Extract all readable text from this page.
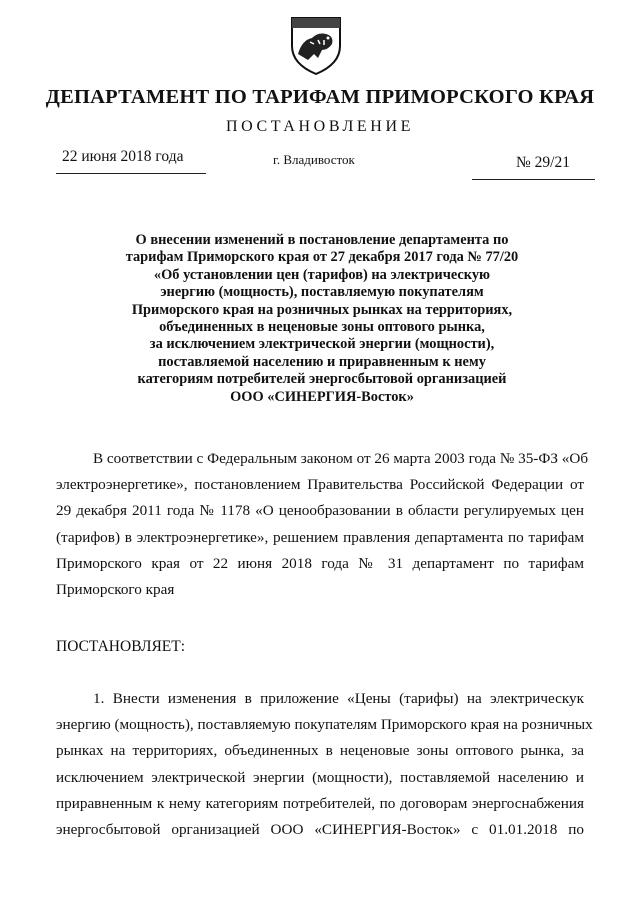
ДЕПАРТАМЕНТ ПО ТАРИФАМ ПРИМОРСКОГО КРАЯ
ПОСТАНОВЛЕНИЕ
22 июня 2018 года	г. Владивосток	№ 29/21
О внесении изменений в постановление департамента по
тарифам Приморского края от 27 декабря 2017 года № 77/20
«Об установлении цен (тарифов) на электрическую
энергию (мощность), поставляемую покупателям
Приморского края на розничных рынках на территориях,
объединенных в неценовые зоны оптового рынка,
за исключением электрической энергии (мощности),
поставляемой населению и приравненным к нему
категориям потребителей энергосбытовой организацией
ООО «СИНЕРГИЯ-Восток»
В соответствии с Федеральным законом от 26 марта 2003 года № 35-ФЗ «Об
электроэнергетике», постановлением Правительства Российской Федерации от
29 декабря 2011 года № 1178 «О ценообразовании в области регулируемых цен
(тарифов) в электроэнергетике», решением правления департамента по тарифам
Приморского края от 22 июня 2018 года № 31 департамент по тарифам
Приморского края
ПОСТАНОВЛЯЕТ:
1. Внести изменения в приложение «Цены (тарифы) на электрическук
энергию (мощность), поставляемую покупателям Приморского края на розничных
рынках на территориях, объединенных в неценовые зоны оптового рынка, за
исключением электрической энергии (мощности), поставляемой населению и
приравненным к нему категориям потребителей, по договорам энергоснабжения
энергосбытовой организацией ООО «СИНЕРГИЯ-Восток» с 01.01.2018 по
